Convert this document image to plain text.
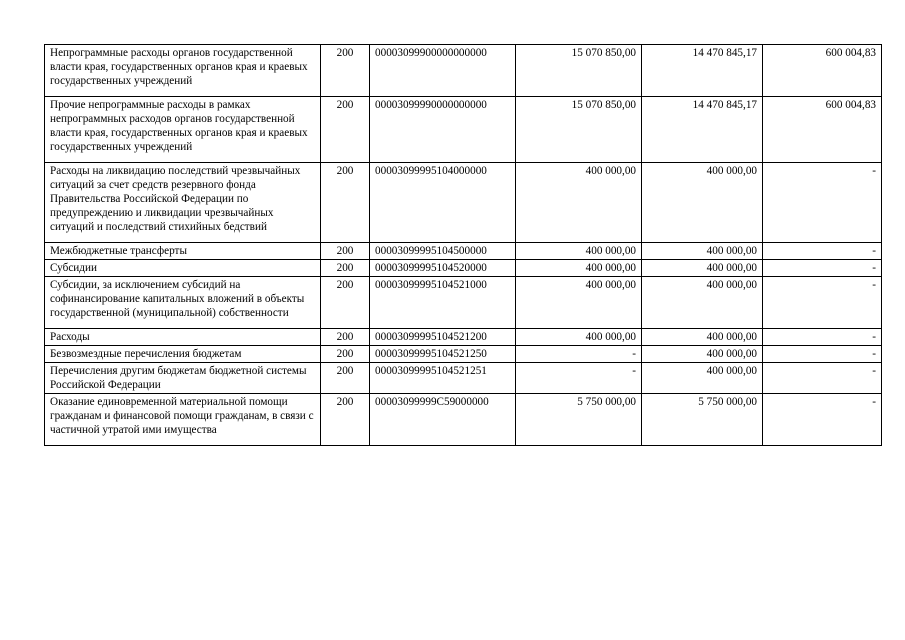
Непрограммные расходы органов государственной власти края, государственных органов края и краевых государственных учреждений	200	00003099900000000000	15 070 850,00	14 470 845,17	600 004,83
Прочие непрограммные расходы в рамках непрограммных расходов органов государственной власти края, государственных органов края и краевых государственных учреждений	200	00003099990000000000	15 070 850,00	14 470 845,17	600 004,83
Расходы на ликвидацию последствий чрезвычайных ситуаций за счет средств резервного фонда Правительства Российской Федерации по предупреждению и ликвидации чрезвычайных ситуаций и последствий стихийных бедствий	200	00003099995104000000	400 000,00	400 000,00	-
Межбюджетные трансферты	200	00003099995104500000	400 000,00	400 000,00	-
Субсидии	200	00003099995104520000	400 000,00	400 000,00	-
Субсидии, за исключением субсидий на софинансирование капитальных вложений в объекты государственной (муниципальной) собственности	200	00003099995104521000	400 000,00	400 000,00	-
Расходы	200	00003099995104521200	400 000,00	400 000,00	-
Безвозмездные перечисления бюджетам	200	00003099995104521250	-	400 000,00	-
Перечисления другим бюджетам бюджетной системы Российской Федерации	200	00003099995104521251	-	400 000,00	-
Оказание единовременной материальной помощи гражданам и финансовой помощи гражданам, в связи с частичной утратой ими имущества	200	00003099999C59000000	5 750 000,00	5 750 000,00	-
